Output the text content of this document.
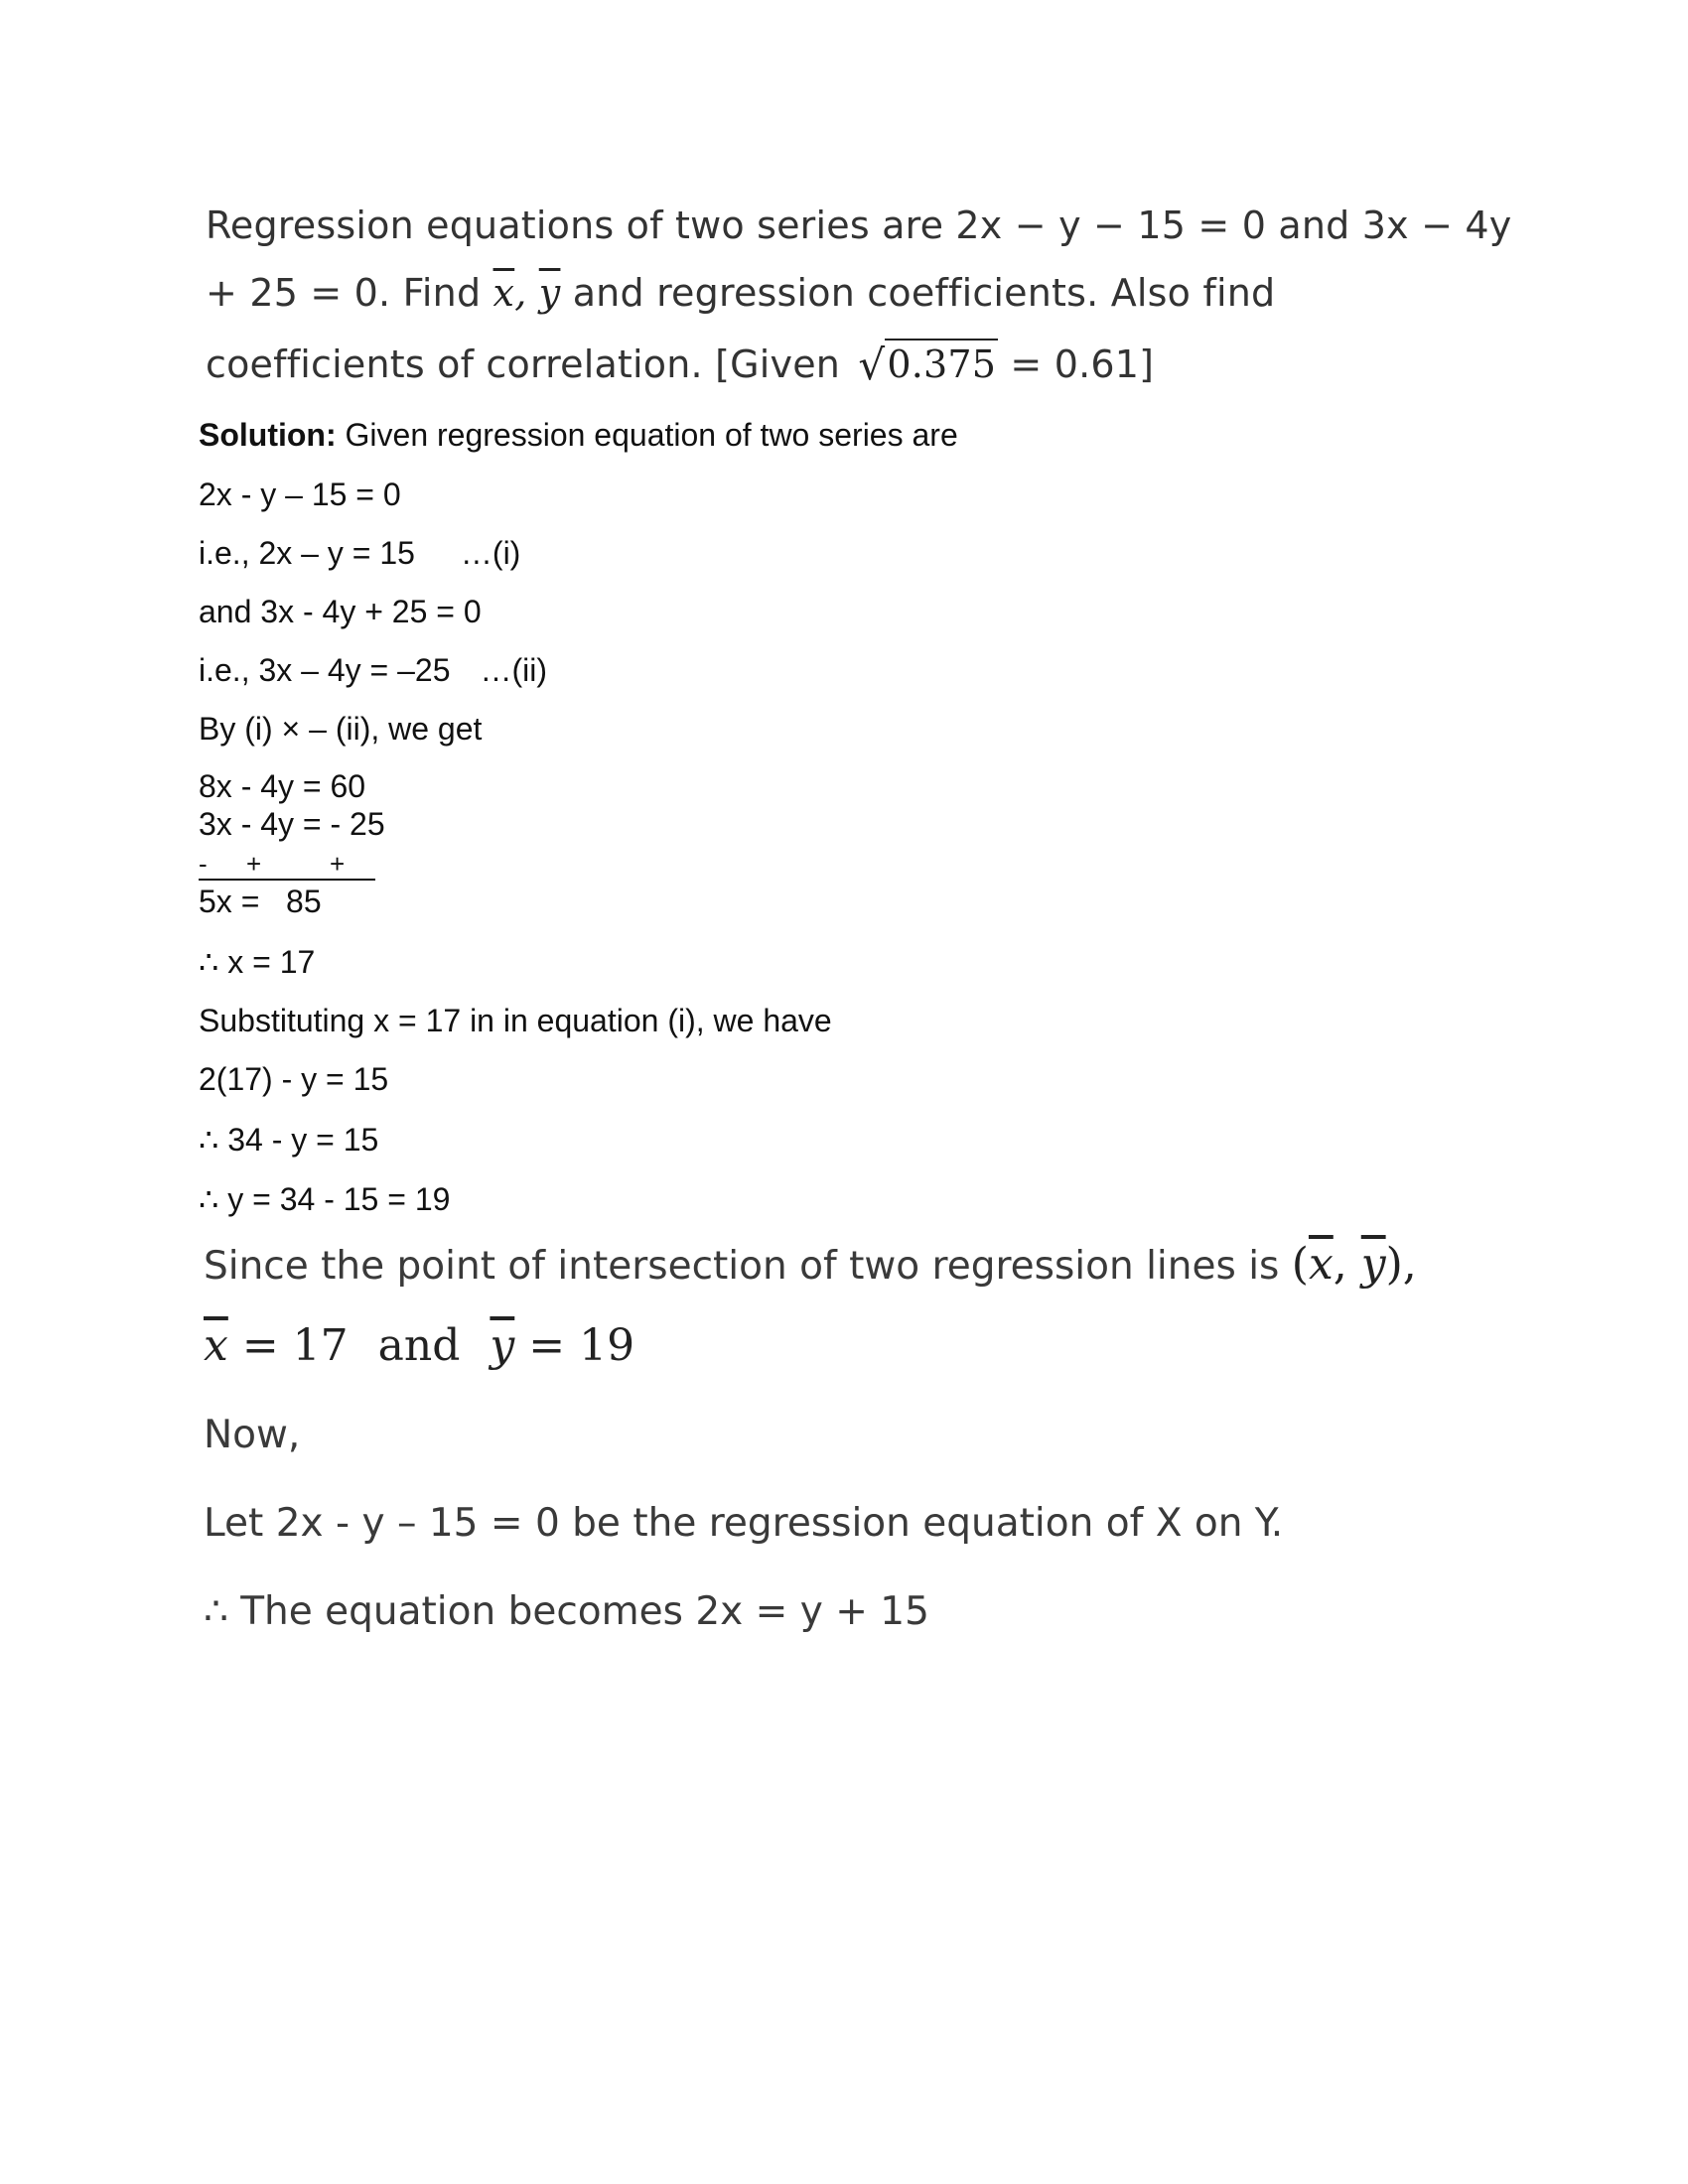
Regression equations of two series are 2x − y − 15 = 0 and 3x − 4y
+ 25 = 0. Find $\overline{x}$, $\overline{y}$ and regression coefficients. Also find
coefficients of correlation. [Given √0.375 = 0.61]
Solution: Given regression equation of two series are
2x - y – 15 = 0
i.e., 2x – y = 15 …(i)
and 3x - 4y + 25 = 0
i.e., 3x – 4y = –25 …(ii)
By (i) × – (ii), we get
8x - 4y = 60
3x - 4y = - 25
- +	+
5x =   85
∴ x = 17
Substituting x = 17 in in equation (i), we have
2(17) - y = 15
∴ 34 - y = 15
∴ y = 34 - 15 = 19
Since the point of intersection of two regression lines is ($\overline{x}$, $\overline{y}$),
$\overline{x} = 17$ and $\overline{y} = 19$
Now,
Let 2x - y – 15 = 0 be the regression equation of X on Y.
∴ The equation becomes 2x = y + 15
